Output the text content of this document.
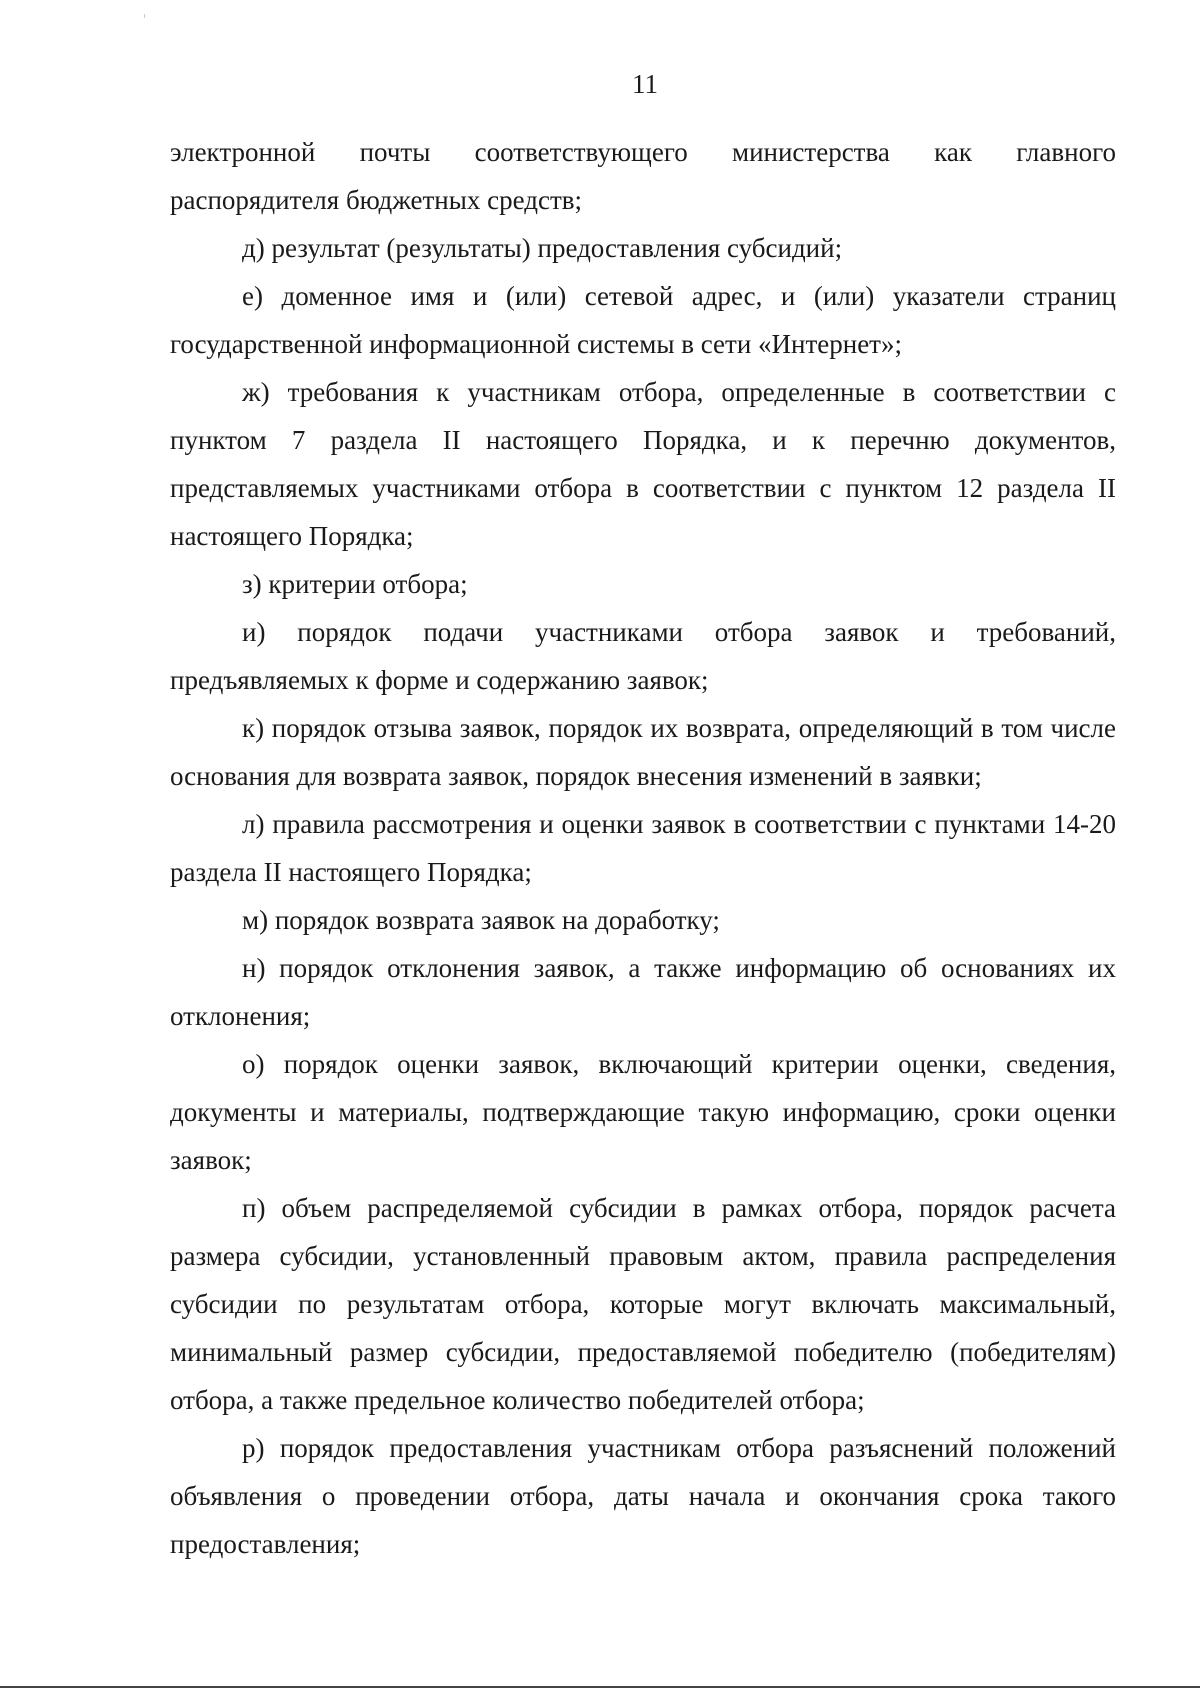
11

электронной почты соответствующего министерства как главного

распорядителя бюджетных средств;

д) результат (результаты) предоставления субсидий;

е) доменное имя и (или) сетевой адрес, и (или) указатели страниц государственной информационной системы в сети «Интернет»;

ж) требования к участникам отбора, определенные в соответствии с пунктом 7 раздела II настоящего Порядка, и к перечню документов, представляемых участниками отбора в соответствии с пунктом 12 раздела II настоящего Порядка;

з) критерии отбора;

и) порядок подачи участниками отбора заявок и требований, предъявляемых к форме и содержанию заявок;

к) порядок отзыва заявок, порядок их возврата, определяющий в том числе основания для возврата заявок, порядок внесения изменений в заявки;

л) правила рассмотрения и оценки заявок в соответствии с пунктами 14-20 раздела II настоящего Порядка;

м) порядок возврата заявок на доработку;

н) порядок отклонения заявок, а также информацию об основаниях их отклонения;

о) порядок оценки заявок, включающий критерии оценки, сведения, документы и материалы, подтверждающие такую информацию, сроки оценки заявок;

п) объем распределяемой субсидии в рамках отбора, порядок расчета размера субсидии, установленный правовым актом, правила распределения субсидии по результатам отбора, которые могут включать максимальный, минимальный размер субсидии, предоставляемой победителю (победителям) отбора, а также предельное количество победителей отбора;

р) порядок предоставления участникам отбора разъяснений положений объявления о проведении отбора, даты начала и окончания срока такого предоставления;
